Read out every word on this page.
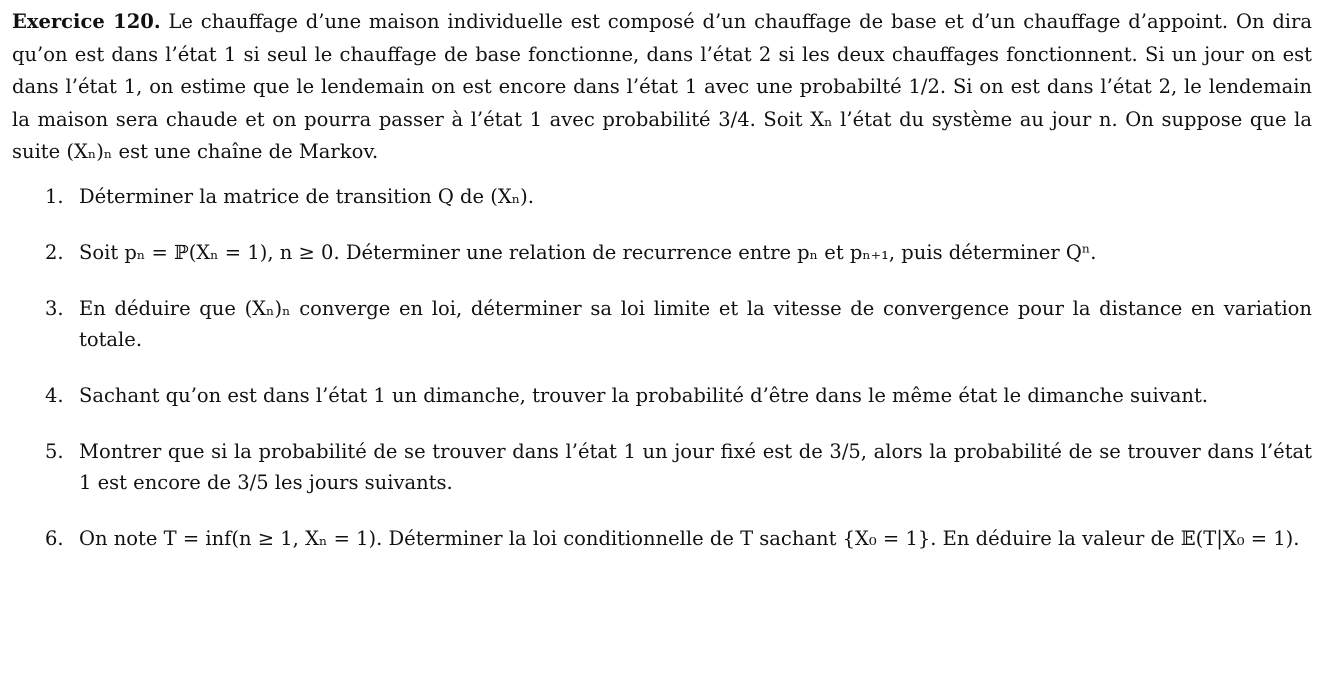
Exercice 120. Le chauffage d’une maison individuelle est composé d’un chauffage de base et d’un chauffage d’appoint. On dira qu’on est dans l’état 1 si seul le chauffage de base fonctionne, dans l’état 2 si les deux chauffages fonctionnent. Si un jour on est dans l’état 1, on estime que le lendemain on est encore dans l’état 1 avec une probabilté 1/2. Si on est dans l’état 2, le lendemain la maison sera chaude et on pourra passer à l’état 1 avec probabilité 3/4. Soit Xₙ l’état du système au jour n. On suppose que la suite (Xₙ)ₙ est une chaîne de Markov.

1. Déterminer la matrice de transition Q de (Xₙ).
2. Soit pₙ = ℙ(Xₙ = 1), n ≥ 0. Déterminer une relation de recurrence entre pₙ et pₙ₊₁, puis déterminer Qⁿ.
3. En déduire que (Xₙ)ₙ converge en loi, déterminer sa loi limite et la vitesse de convergence pour la distance en variation totale.
4. Sachant qu’on est dans l’état 1 un dimanche, trouver la probabilité d’être dans le même état le dimanche suivant.
5. Montrer que si la probabilité de se trouver dans l’état 1 un jour fixé est de 3/5, alors la probabilité de se trouver dans l’état 1 est encore de 3/5 les jours suivants.
6. On note T = inf(n ≥ 1, Xₙ = 1). Déterminer la loi conditionnelle de T sachant {X₀ = 1}. En déduire la valeur de 𝔼(T|X₀ = 1).
